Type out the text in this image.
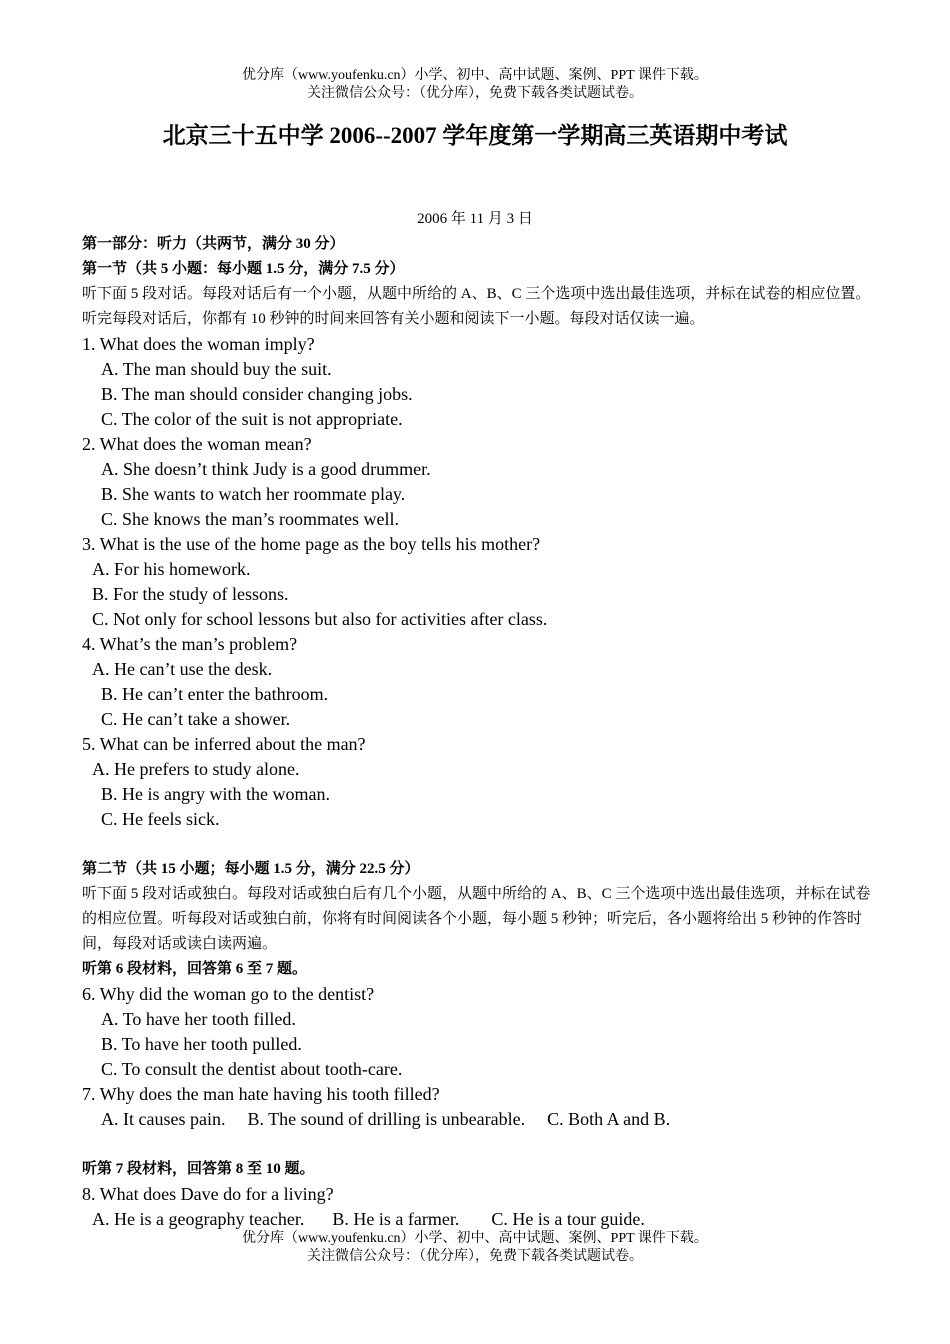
优分库（www.youfenku.cn）小学、初中、高中试题、案例、PPT 课件下载。
关注微信公众号：（优分库），免费下载各类试题试卷。
北京三十五中学 2006--2007 学年度第一学期高三英语期中考试
2006 年 11 月 3 日
第一部分：听力（共两节，满分 30 分）
第一节（共 5 小题：每小题 1.5 分，满分 7.5 分）
听下面 5 段对话。每段对话后有一个小题，从题中所给的 A、B、C 三个选项中选出最佳选项，并标在试卷的相应位置。听完每段对话后，你都有 10 秒钟的时间来回答有关小题和阅读下一小题。每段对话仅读一遍。
1. What does the woman imply?
A. The man should buy the suit.
B. The man should consider changing jobs.
C. The color of the suit is not appropriate.
2. What does the woman mean?
A. She doesn’t think Judy is a good drummer.
B. She wants to watch her roommate play.
C. She knows the man’s roommates well.
3. What is the use of the home page as the boy tells his mother?
A. For his homework.
B. For the study of lessons.
C. Not only for school lessons but also for activities after class.
4. What’s the man’s problem?
A. He can’t use the desk.
B. He can’t enter the bathroom.
C. He can’t take a shower.
5. What can be inferred about the man?
A. He prefers to study alone.
B. He is angry with the woman.
C. He feels sick.
第二节（共 15 小题；每小题 1.5 分，满分 22.5 分）
听下面 5 段对话或独白。每段对话或独白后有几个小题，从题中所给的 A、B、C 三个选项中选出最佳选项，并标在试卷的相应位置。听每段对话或独白前，你将有时间阅读各个小题，每小题 5 秒钟；听完后，各小题将给出 5 秒钟的作答时间，每段对话或读白读两遍。
听第 6 段材料，回答第 6 至 7 题。
6. Why did the woman go to the dentist?
A. To have her tooth filled.
B. To have her tooth pulled.
C. To consult the dentist about tooth-care.
7. Why does the man hate having his tooth filled?
A. It causes pain. B. The sound of drilling is unbearable. C. Both A and B.
听第 7 段材料，回答第 8 至 10 题。
8. What does Dave do for a living?
A. He is a geography teacher. B. He is a farmer. C. He is a tour guide.
优分库（www.youfenku.cn）小学、初中、高中试题、案例、PPT 课件下载。
关注微信公众号：（优分库），免费下载各类试题试卷。
